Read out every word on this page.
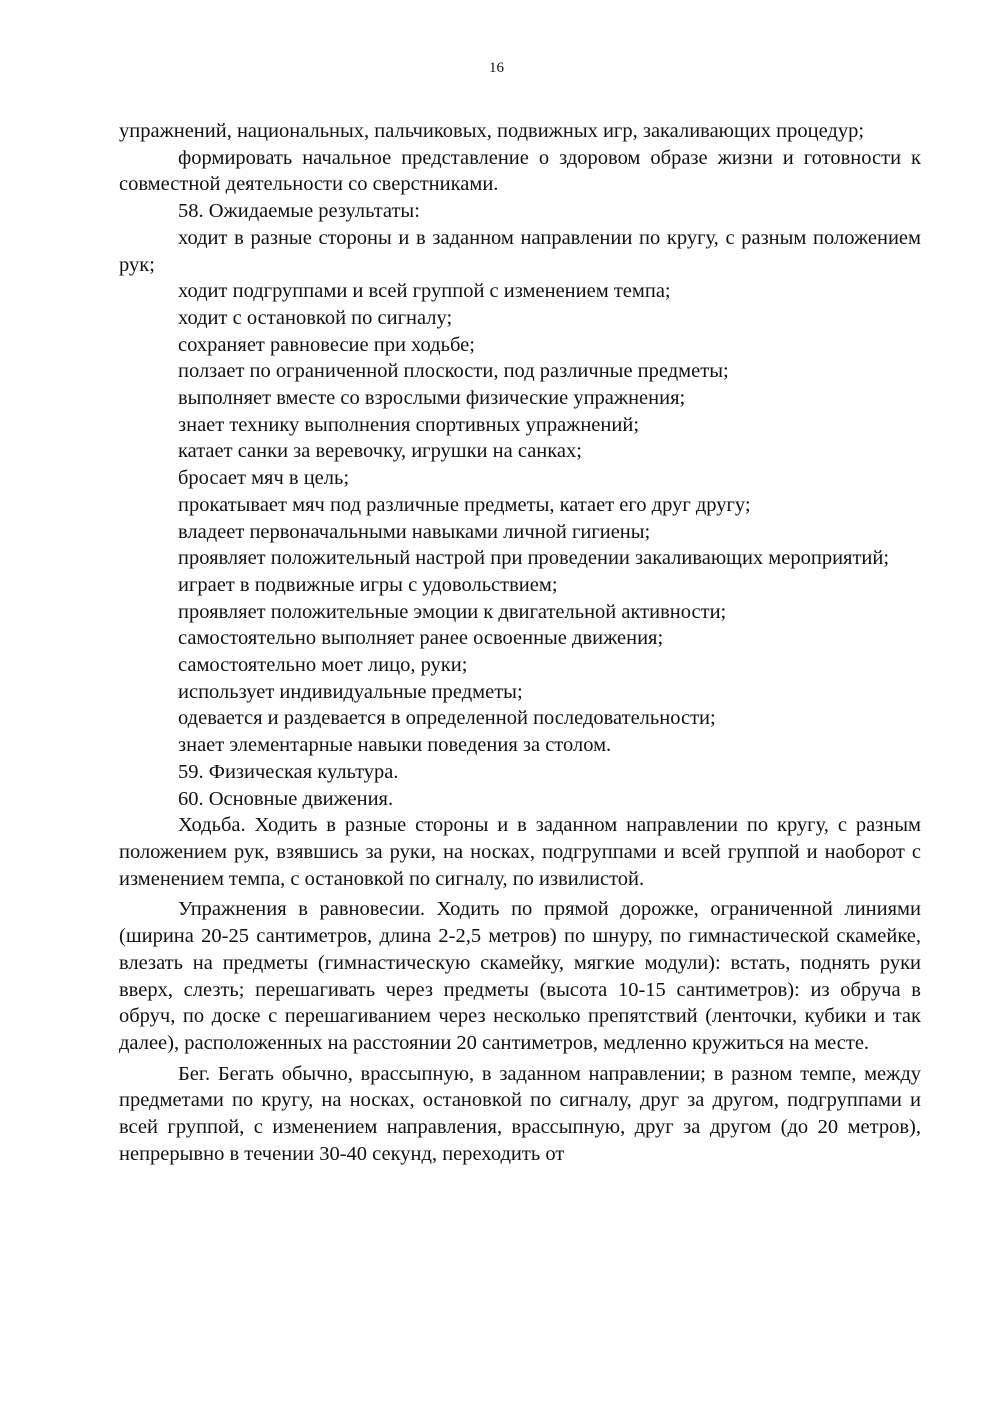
16

упражнений, национальных, пальчиковых, подвижных игр, закаливающих процедур;

формировать начальное представление о здоровом образе жизни и готовности к совместной деятельности со сверстниками.

58. Ожидаемые результаты:

ходит в разные стороны и в заданном направлении по кругу, с разным положением рук;

ходит подгруппами и всей группой с изменением темпа;

ходит с остановкой по сигналу;

сохраняет равновесие при ходьбе;

ползает по ограниченной плоскости, под различные предметы;

выполняет вместе со взрослыми физические упражнения;

знает технику выполнения спортивных упражнений;

катает санки за веревочку, игрушки на санках;

бросает мяч в цель;

прокатывает мяч под различные предметы, катает его друг другу;

владеет первоначальными навыками личной гигиены;

проявляет положительный настрой при проведении закаливающих мероприятий;

играет в подвижные игры с удовольствием;

проявляет положительные эмоции к двигательной активности;

самостоятельно выполняет ранее освоенные движения;

самостоятельно моет лицо, руки;

использует индивидуальные предметы;

одевается и раздевается в определенной последовательности;

знает элементарные навыки поведения за столом.

59. Физическая культура.

60. Основные движения.

Ходьба. Ходить в разные стороны и в заданном направлении по кругу, с разным положением рук, взявшись за руки, на носках, подгруппами и всей группой и наоборот с изменением темпа, с остановкой по сигналу, по извилистой.

Упражнения в равновесии. Ходить по прямой дорожке, ограниченной линиями (ширина 20-25 сантиметров, длина 2-2,5 метров) по шнуру, по гимнастической скамейке, влезать на предметы (гимнастическую скамейку, мягкие модули): встать, поднять руки вверх, слезть; перешагивать через предметы (высота 10-15 сантиметров): из обруча в обруч, по доске с перешагиванием через несколько препятствий (ленточки, кубики и так далее), расположенных на расстоянии 20 сантиметров, медленно кружиться на месте.

Бег. Бегать обычно, врассыпную, в заданном направлении; в разном темпе, между предметами по кругу, на носках, остановкой по сигналу, друг за другом, подгруппами и всей группой, с изменением направления, врассыпную, друг за другом (до 20 метров), непрерывно в течении 30-40 секунд, переходить от
